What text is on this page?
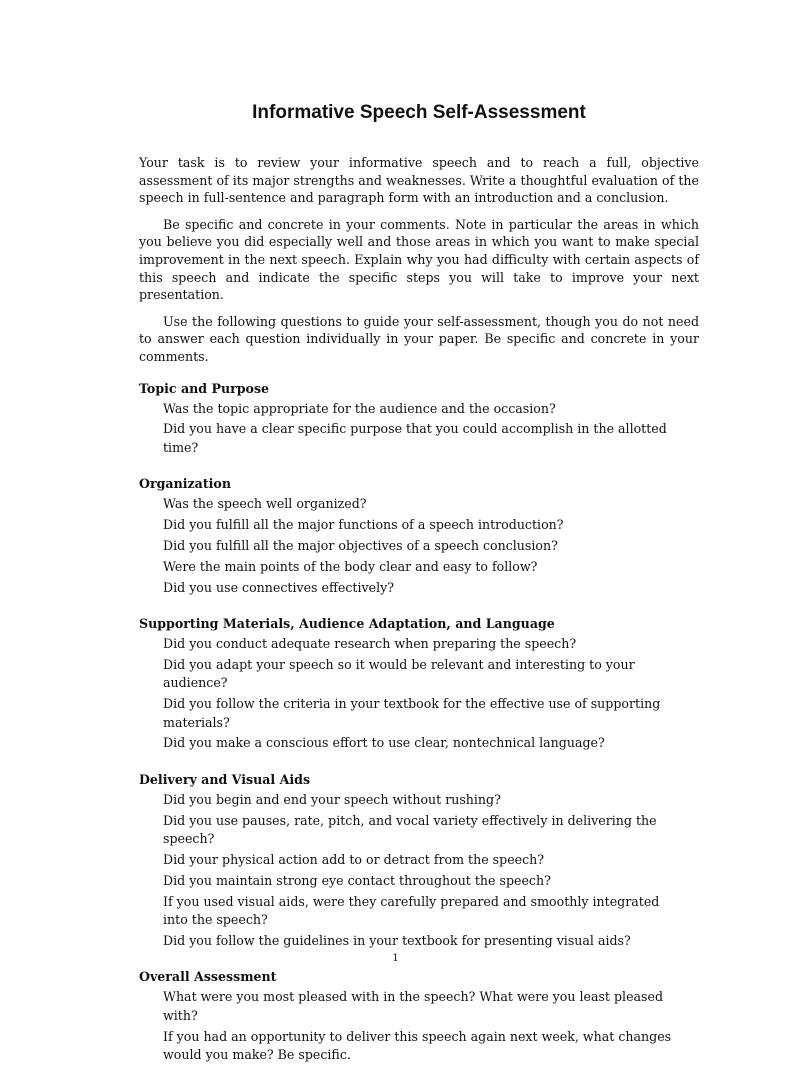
Informative Speech Self-Assessment

Your task is to review your informative speech and to reach a full, objective assessment of its major strengths and weaknesses. Write a thoughtful evaluation of the speech in full-sentence and paragraph form with an introduction and a conclusion.

Be specific and concrete in your comments. Note in particular the areas in which you believe you did especially well and those areas in which you want to make special improvement in the next speech. Explain why you had difficulty with certain aspects of this speech and indicate the specific steps you will take to improve your next presentation.

Use the following questions to guide your self-assessment, though you do not need to answer each question individually in your paper. Be specific and concrete in your comments.

Topic and Purpose
Was the topic appropriate for the audience and the occasion?
Did you have a clear specific purpose that you could accomplish in the allotted time?
Organization
Was the speech well organized?
Did you fulfill all the major functions of a speech introduction?
Did you fulfill all the major objectives of a speech conclusion?
Were the main points of the body clear and easy to follow?
Did you use connectives effectively?
Supporting Materials, Audience Adaptation, and Language
Did you conduct adequate research when preparing the speech?
Did you adapt your speech so it would be relevant and interesting to your audience?
Did you follow the criteria in your textbook for the effective use of supporting materials?
Did you make a conscious effort to use clear, nontechnical language?
Delivery and Visual Aids
Did you begin and end your speech without rushing?
Did you use pauses, rate, pitch, and vocal variety effectively in delivering the speech?
Did your physical action add to or detract from the speech?
Did you maintain strong eye contact throughout the speech?
If you used visual aids, were they carefully prepared and smoothly integrated into the speech?
Did you follow the guidelines in your textbook for presenting visual aids?
Overall Assessment
What were you most pleased with in the speech? What were you least pleased with?
If you had an opportunity to deliver this speech again next week, what changes would you make? Be specific.
1
